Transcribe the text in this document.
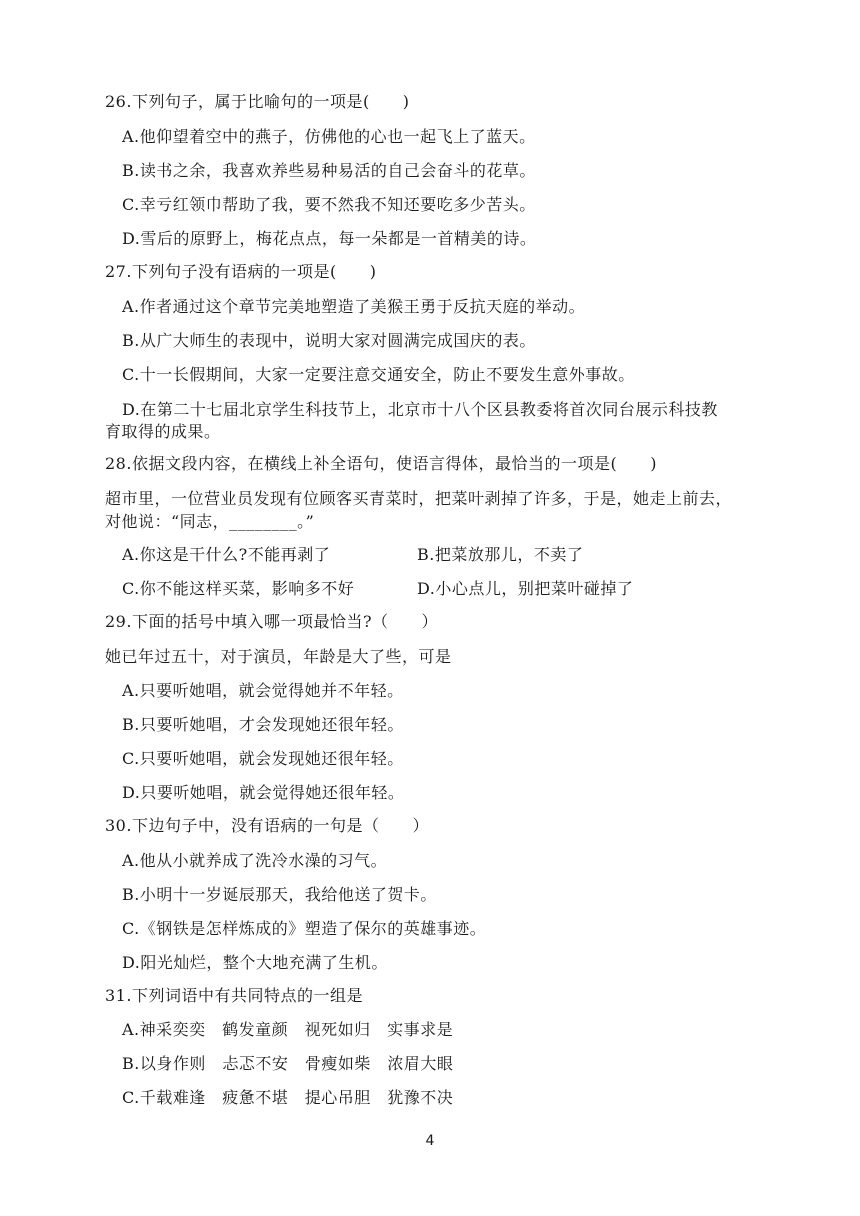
26.下列句子，属于比喻句的一项是(　　)
A.他仰望着空中的燕子，仿佛他的心也一起飞上了蓝天。
B.读书之余，我喜欢养些易种易活的自己会奋斗的花草。
C.幸亏红领巾帮助了我，要不然我不知还要吃多少苦头。
D.雪后的原野上，梅花点点，每一朵都是一首精美的诗。
27.下列句子没有语病的一项是(　　)
A.作者通过这个章节完美地塑造了美猴王勇于反抗天庭的举动。
B.从广大师生的表现中，说明大家对圆满完成国庆的表。
C.十一长假期间，大家一定要注意交通安全，防止不要发生意外事故。
D.在第二十七届北京学生科技节上，北京市十八个区县教委将首次同台展示科技教
育取得的成果。
28.依据文段内容，在横线上补全语句，使语言得体，最恰当的一项是(　　)
超市里，一位营业员发现有位顾客买青菜时，把菜叶剥掉了许多，于是，她走上前去，
对他说：“同志，________。”
A.你这是干什么?不能再剥了	B.把菜放那儿，不卖了
C.你不能这样买菜，影响多不好	D.小心点儿，别把菜叶碰掉了
29.下面的括号中填入哪一项最恰当?（　　）
她已年过五十，对于演员，年龄是大了些，可是
A.只要听她唱，就会觉得她并不年轻。
B.只要听她唱，才会发现她还很年轻。
C.只要听她唱，就会发现她还很年轻。
D.只要听她唱，就会觉得她还很年轻。
30.下边句子中，没有语病的一句是（　　）
A.他从小就养成了洗冷水澡的习气。
B.小明十一岁诞辰那天，我给他送了贺卡。
C.《钢铁是怎样炼成的》塑造了保尔的英雄事迹。
D.阳光灿烂，整个大地充满了生机。
31.下列词语中有共同特点的一组是
A.神采奕奕　鹤发童颜　视死如归　实事求是
B.以身作则　忐忑不安　骨瘦如柴　浓眉大眼
C.千载难逢　疲惫不堪　提心吊胆　犹豫不决
4
